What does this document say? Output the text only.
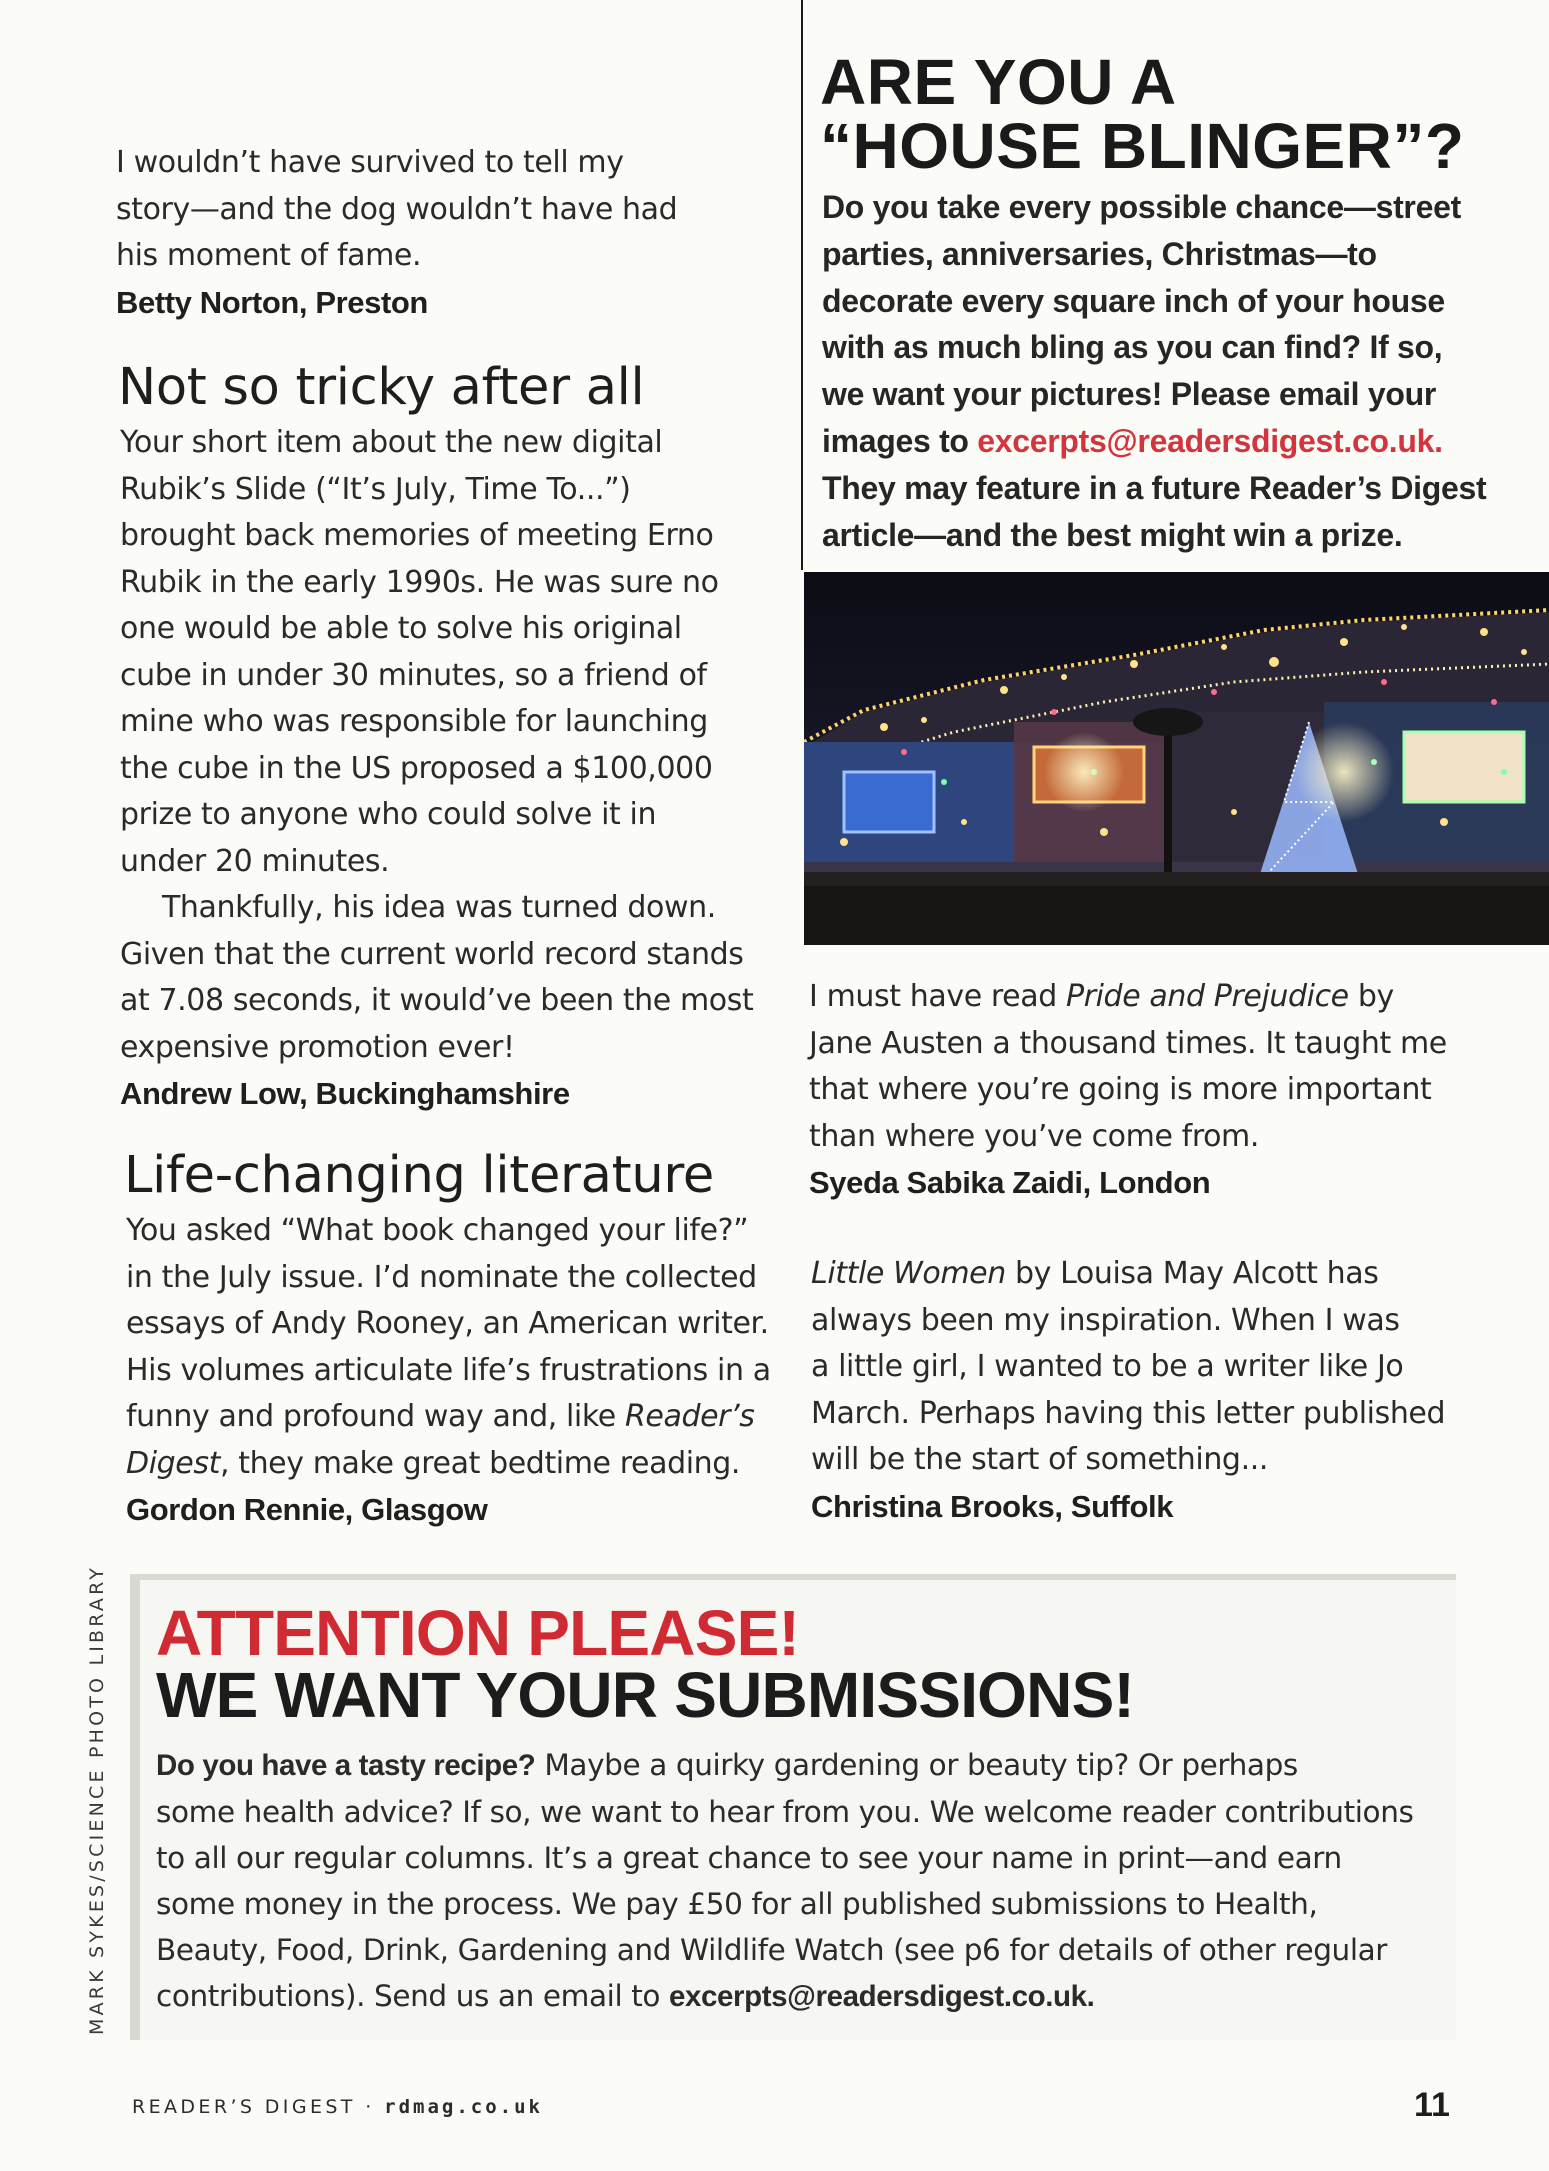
I wouldn’t have survived to tell my

story—and the dog wouldn’t have had

his moment of fame.

Betty Norton, Preston

Not so tricky after all

Your short item about the new digital

Rubik’s Slide (“It’s July, Time To...”)

brought back memories of meeting Erno

Rubik in the early 1990s. He was sure no

one would be able to solve his original

cube in under 30 minutes, so a friend of

mine who was responsible for launching

the cube in the US proposed a $100,000

prize to anyone who could solve it in

under 20 minutes.

Thankfully, his idea was turned down.

Given that the current world record stands

at 7.08 seconds, it would’ve been the most

expensive promotion ever!

Andrew Low, Buckinghamshire

Life-changing literature

You asked “What book changed your life?”

in the July issue. I’d nominate the collected

essays of Andy Rooney, an American writer.

His volumes articulate life’s frustrations in a

funny and profound way and, like Reader’s

Digest, they make great bedtime reading.

Gordon Rennie, Glasgow

ARE YOU A

“HOUSE BLINGER”?

Do you take every possible chance—street

parties, anniversaries, Christmas—to

decorate every square inch of your house

with as much bling as you can find? If so,

we want your pictures! Please email your

images to excerpts@readersdigest.co.uk.

They may feature in a future Reader’s Digest

article—and the best might win a prize.

I must have read Pride and Prejudice by

Jane Austen a thousand times. It taught me

that where you’re going is more important

than where you’ve come from.

Syeda Sabika Zaidi, London

Little Women by Louisa May Alcott has

always been my inspiration. When I was

a little girl, I wanted to be a writer like Jo

March. Perhaps having this letter published

will be the start of something...

Christina Brooks, Suffolk

ATTENTION PLEASE!
WE WANT YOUR SUBMISSIONS!

Do you have a tasty recipe? Maybe a quirky gardening or beauty tip? Or perhaps

some health advice? If so, we want to hear from you. We welcome reader contributions

to all our regular columns. It’s a great chance to see your name in print—and earn

some money in the process. We pay £50 for all published submissions to Health,

Beauty, Food, Drink, Gardening and Wildlife Watch (see p6 for details of other regular

contributions). Send us an email to excerpts@readersdigest.co.uk.

MARK SYKES/SCIENCE PHOTO LIBRARY
READER’S DIGEST · rdmag.co.uk	11
